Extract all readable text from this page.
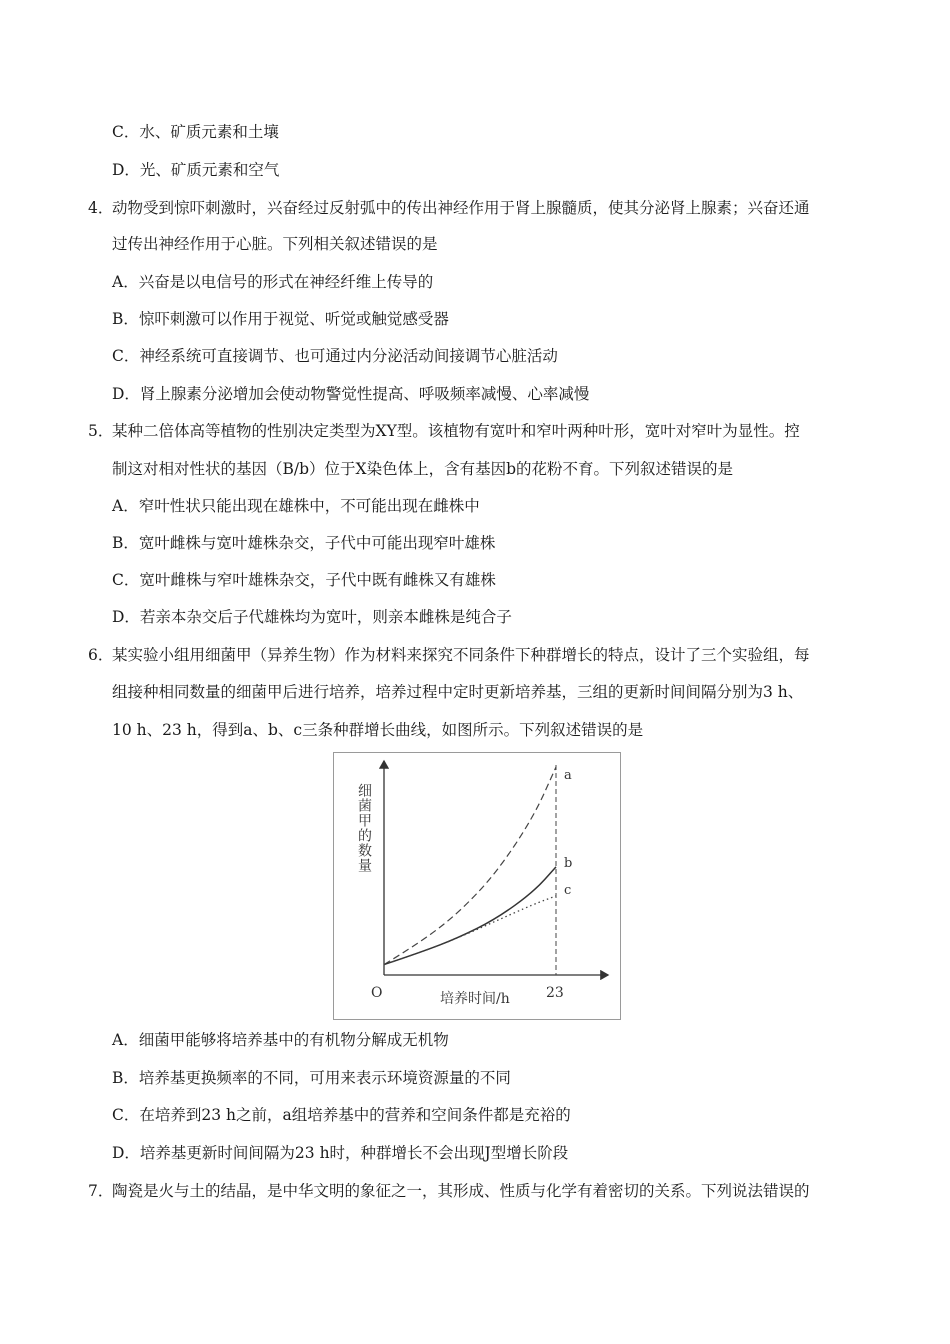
C．水、矿质元素和土壤
D．光、矿质元素和空气
4．
动物受到惊吓刺激时，兴奋经过反射弧中的传出神经作用于肾上腺髓质，使其分泌肾上腺素；兴奋还通
过传出神经作用于心脏。下列相关叙述错误的是
A．兴奋是以电信号的形式在神经纤维上传导的
B．惊吓刺激可以作用于视觉、听觉或触觉感受器
C．神经系统可直接调节、也可通过内分泌活动间接调节心脏活动
D．肾上腺素分泌增加会使动物警觉性提高、呼吸频率减慢、心率减慢
5．
某种二倍体高等植物的性别决定类型为XY型。该植物有宽叶和窄叶两种叶形，宽叶对窄叶为显性。控
制这对相对性状的基因（B/b）位于X染色体上，含有基因b的花粉不育。下列叙述错误的是
A．窄叶性状只能出现在雄株中，不可能出现在雌株中
B．宽叶雌株与宽叶雄株杂交，子代中可能出现窄叶雄株
C．宽叶雌株与窄叶雄株杂交，子代中既有雌株又有雄株
D．若亲本杂交后子代雄株均为宽叶，则亲本雌株是纯合子
6．
某实验小组用细菌甲（异养生物）作为材料来探究不同条件下种群增长的特点，设计了三个实验组，每
组接种相同数量的细菌甲后进行培养，培养过程中定时更新培养基，三组的更新时间间隔分别为3 h、
10 h、23 h，得到a、b、c三条种群增长曲线，如图所示。下列叙述错误的是
a
b
c
O	23
培养时间/h
细菌甲的数量
A．细菌甲能够将培养基中的有机物分解成无机物
B．培养基更换频率的不同，可用来表示环境资源量的不同
C．在培养到23 h之前，a组培养基中的营养和空间条件都是充裕的
D．培养基更新时间间隔为23 h时，种群增长不会出现J型增长阶段
7．
陶瓷是火与土的结晶，是中华文明的象征之一，其形成、性质与化学有着密切的关系。下列说法错误的
